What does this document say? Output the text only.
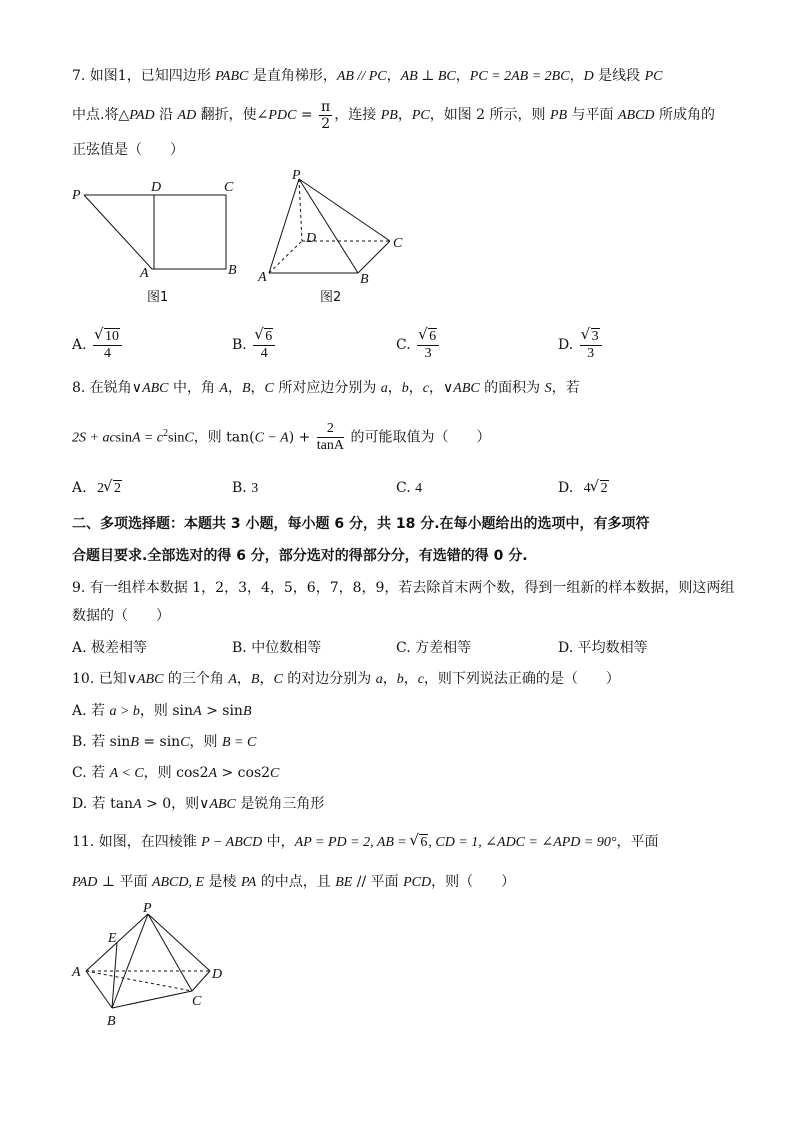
7. 如图1，已知四边形 PABC 是直角梯形，AB // PC，AB ⊥ BC，PC = 2AB = 2BC，D 是线段 PC
中点.将△PAD 沿 AD 翻折，使∠PDC = $\frac{\pi}{2}$ ，连接 PB，PC，如图 2 所示，则 PB 与平面 ABCD 所成角的
正弦值是（　　）
P
D	C
A	B
图1
P
D	C
A	B
图2
A. √ $\frac{10}{4}$	B. √ $\frac{6}{4}$	C. √ $\frac{6}{3}$	D. √ $\frac{3}{3}$
8. 在锐角∨ABC 中，角 A，B，C 所对应边分别为 a，b，c，∨ABC 的面积为 S，若
$2S + acsinA = c^2\sin C$，则 $\tan(C - A) + \frac{2}{\tan A}$ 的可能取值为（　　）
A. 2 √ 2	B. 3	C. 4	D. 4 √ 2
二、多项选择题：本题共 3 小题，每小题 6 分，共 18 分.在每小题给出的选项中，有多项符
合题目要求.全部选对的得 6 分，部分选对的得部分分，有选错的得 0 分.
9. 有一组样本数据 1，2，3，4，5，6，7，8，9，若去除首末两个数，得到一组新的样本数据，则这两组
数据的（　　）
A. 极差相等	B. 中位数相等	C. 方差相等	D. 平均数相等
10. 已知∨ABC 的三个角 A，B，C 的对边分别为 a，b，c，则下列说法正确的是（　　）
A. 若 a > b，则 sinA > sinB
B. 若 sinB = sinC，则 B = C
C. 若 A < C，则 cos2A > cos2C
D. 若 tanA > 0，则∨ABC 是锐角三角形
11. 如图，在四棱锥 P − ABCD 中，AP = PD = 2, AB = √ 6, CD = 1, ∠ADC = ∠APD = 90°，平面
PAD ⊥ 平面 ABCD, E 是棱 PA 的中点，且 BE // 平面 PCD，则（　　）
P
E
A	D
C
B
